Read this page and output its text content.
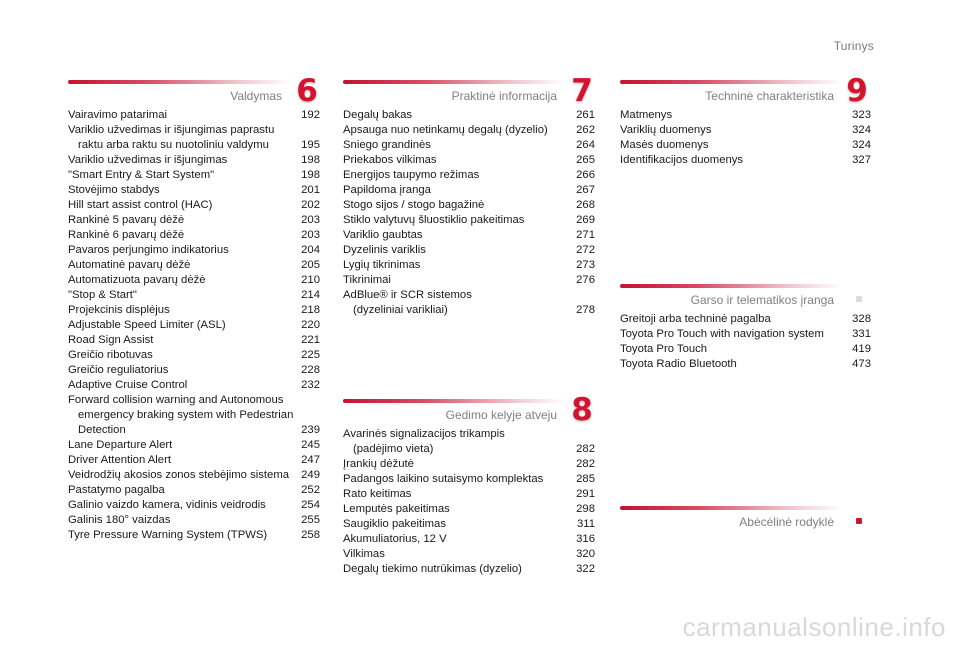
Turinys
Valdymas 6
Vairavimo patarimai	192
Variklio užvedimas ir išjungimas paprastu
raktu arba raktu su nuotoliniu valdymu	195
Variklio užvedimas ir išjungimas	198
"Smart Entry & Start System"	198
Stovėjimo stabdys	201
Hill start assist control (HAC)	202
Rankinė 5 pavarų dėžė	203
Rankinė 6 pavarų dėžė	203
Pavaros perjungimo indikatorius	204
Automatinė pavarų dėžė	205
Automatizuota pavarų dėžė	210
"Stop & Start"	214
Projekcinis displėjus	218
Adjustable Speed Limiter (ASL)	220
Road Sign Assist	221
Greičio ribotuvas	225
Greičio reguliatorius	228
Adaptive Cruise Control	232
Forward collision warning and Autonomous
emergency braking system with Pedestrian
Detection	239
Lane Departure Alert	245
Driver Attention Alert	247
Veidrodžių akosios zonos stebėjimo sistema	249
Pastatymo pagalba	252
Galinio vaizdo kamera, vidinis veidrodis	254
Galinis 180° vaizdas	255
Tyre Pressure Warning System (TPWS)	258
Praktinė informacija 7
Degalų bakas	261
Apsauga nuo netinkamų degalų (dyzelio)	262
Sniego grandinės	264
Priekabos vilkimas	265
Energijos taupymo režimas	266
Papildoma įranga	267
Stogo sijos / stogo bagažinė	268
Stiklo valytuvų šluostiklio pakeitimas	269
Variklio gaubtas	271
Dyzelinis variklis	272
Lygių tikrinimas	273
Tikrinimai	276
AdBlue® ir SCR sistemos
(dyzeliniai varikliai)	278
Gedimo kelyje atveju 8
Avarinės signalizacijos trikampis
(padėjimo vieta)	282
Įrankių dėžutė	282
Padangos laikino sutaisymo komplektas	285
Rato keitimas	291
Lemputės pakeitimas	298
Saugiklio pakeitimas	311
Akumuliatorius, 12 V	316
Vilkimas	320
Degalų tiekimo nutrūkimas (dyzelio)	322
Techninė charakteristika 9
Matmenys	323
Variklių duomenys	324
Masės duomenys	324
Identifikacijos duomenys	327
Garso ir telematikos įranga
Greitoji arba techninė pagalba	328
Toyota Pro Touch with navigation system	331
Toyota Pro Touch	419
Toyota Radio Bluetooth	473
Abėcėlinė rodyklė
carmanualsonline.info
